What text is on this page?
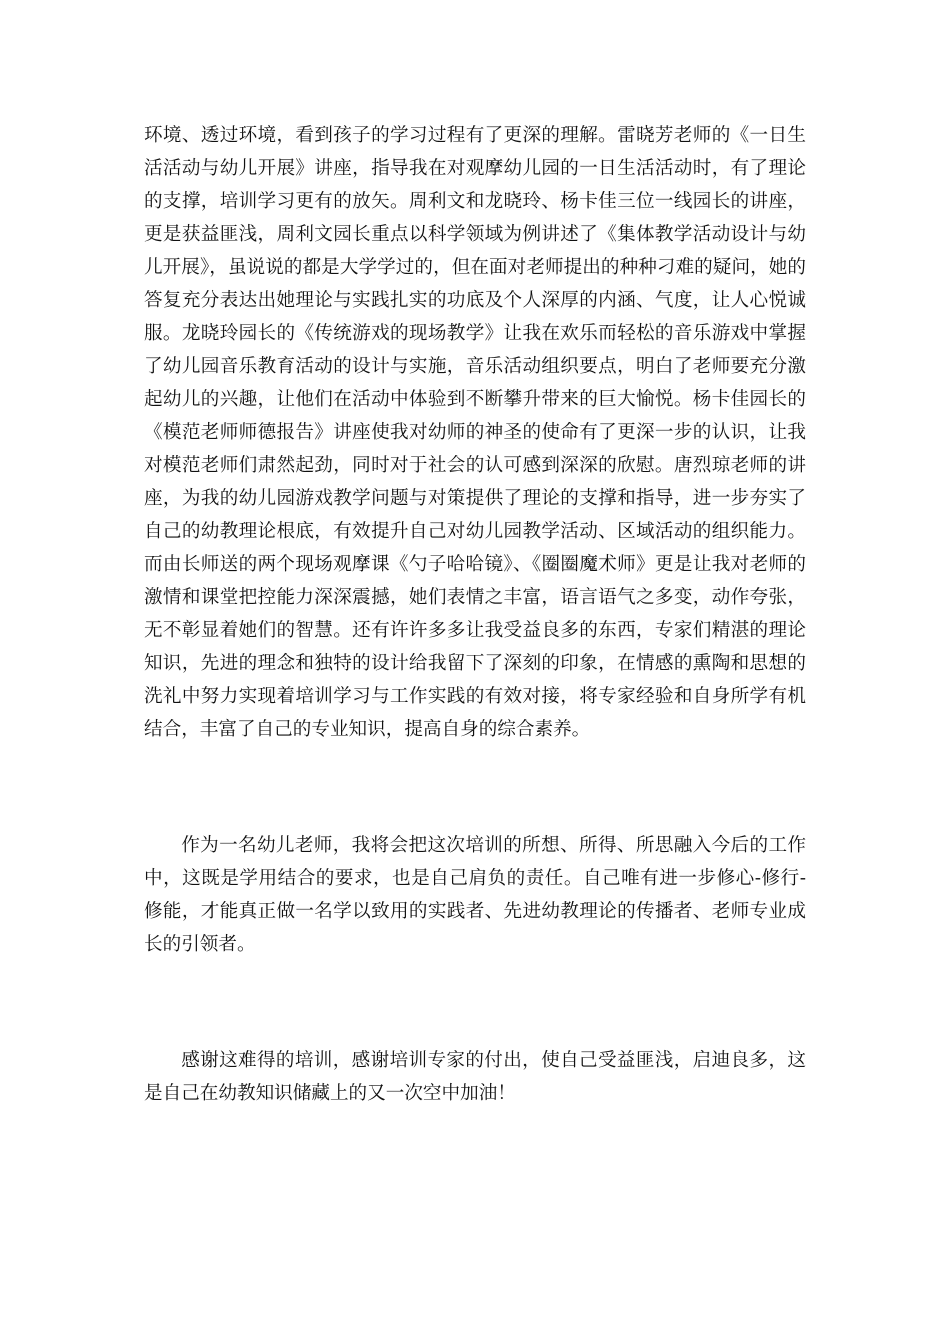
环境、透过环境，看到孩子的学习过程有了更深的理解。雷晓芳老师的《一日生活活动与幼儿开展》讲座，指导我在对观摩幼儿园的一日生活活动时，有了理论的支撑，培训学习更有的放矢。周利文和龙晓玲、杨卡佳三位一线园长的讲座，更是获益匪浅，周利文园长重点以科学领域为例讲述了《集体教学活动设计与幼儿开展》，虽说说的都是大学学过的，但在面对老师提出的种种刁难的疑问，她的答复充分表达出她理论与实践扎实的功底及个人深厚的内涵、气度，让人心悦诚服。龙晓玲园长的《传统游戏的现场教学》让我在欢乐而轻松的音乐游戏中掌握了幼儿园音乐教育活动的设计与实施，音乐活动组织要点，明白了老师要充分激起幼儿的兴趣，让他们在活动中体验到不断攀升带来的巨大愉悦。杨卡佳园长的《模范老师师德报告》讲座使我对幼师的神圣的使命有了更深一步的认识，让我对模范老师们肃然起劲，同时对于社会的认可感到深深的欣慰。唐烈琼老师的讲座，为我的幼儿园游戏教学问题与对策提供了理论的支撑和指导，进一步夯实了自己的幼教理论根底，有效提升自己对幼儿园教学活动、区域活动的组织能力。而由长师送的两个现场观摩课《勺子哈哈镜》、《圈圈魔术师》更是让我对老师的激情和课堂把控能力深深震撼，她们表情之丰富，语言语气之多变，动作夸张，无不彰显着她们的智慧。还有许许多多让我受益良多的东西，专家们精湛的理论知识，先进的理念和独特的设计给我留下了深刻的印象，在情感的熏陶和思想的洗礼中努力实现着培训学习与工作实践的有效对接，将专家经验和自身所学有机结合，丰富了自己的专业知识，提高自身的综合素养。

作为一名幼儿老师，我将会把这次培训的所想、所得、所思融入今后的工作中，这既是学用结合的要求，也是自己肩负的责任。自己唯有进一步修心-修行-修能，才能真正做一名学以致用的实践者、先进幼教理论的传播者、老师专业成长的引领者。

感谢这难得的培训，感谢培训专家的付出，使自己受益匪浅，启迪良多，这是自己在幼教知识储藏上的又一次空中加油！
